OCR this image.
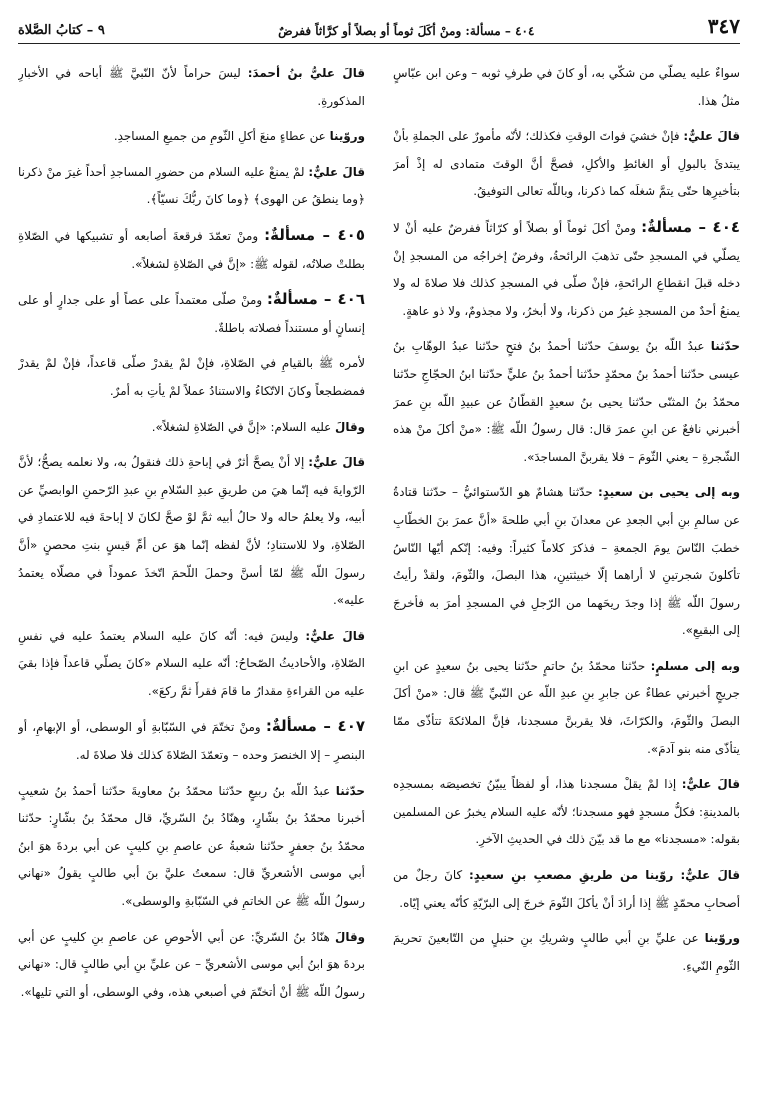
٣٤٧
٤٠٤ – مسألة: ومنْ أكَلَ ثوماً أو بصلاً أو كرَّاثاً ففرضٌ
٩ – كتابُ الصَّلاة

سواءٌ عليه يصلّي من شكّي به، أو كانَ في طرفِ ثوبه – وعن ابن عبّاسٍ مثلُ هذا.

قالَ عليٌّ: فإنْ خشيَ فواتَ الوقتِ فكذلك؛ لأنّه مأمورٌ على الجملةِ بأنْ يبتدئَ بالبولِ أو الغائطِ والأكلِ، فصحَّ أنَّ الوقتَ متمادى له إذْ أمرَ بتأخيرِها حتّى يتمَّ شغلَه كما ذكرنا، وباللّه تعالى التوفيقُ.

٤٠٤ – مسألةٌ: ومنْ أكلَ ثوماً أو بصلاً أو كرّاثاً ففرضٌ عليه أنْ لا يصلّي في المسجدِ حتّى تذهبَ الرائحةُ، وفرضٌ إخراجُه من المسجدِ إنْ دخله قبلَ انقطاعِ الرائحةِ، فإنْ صلّى في المسجدِ كذلك فلا صلاةَ له ولا يمنعُ أحدٌ من المسجدِ غيرُ من ذكرنا، ولا أبخرُ، ولا مجذومٌ، ولا ذو عاهةٍ.

حدّثنا عبدُ اللّه بنُ يوسفَ حدّثنا أحمدُ بنُ فتحٍ حدّثنا عبدُ الوهّابِ بنُ عيسى حدّثنا أحمدُ بنُ محمّدٍ حدّثنا أحمدُ بنُ عليٍّ حدّثنا ابنُ الحجّاجِ حدّثنا محمّدُ بنُ المثنّى حدّثنا يحيى بنُ سعيدٍ القطّانُ عن عبيدِ اللّه بنِ عمرَ أخبرني نافعٌ عن ابنِ عمرَ قال: قال رسولُ اللّه ﷺ: «منْ أكلَ منْ هذه الشّجرةِ – يعني الثّومَ – فلا يقربنَّ المساجدَ».

وبه إلى يحيى بن سعيدٍ: حدّثنا هشامٌ هو الدّستوائيُّ – حدّثنا قتادةُ عن سالمِ بنِ أبي الجعدِ عن معدانَ بنِ أبي طلحةَ «أنَّ عمرَ بنَ الخطّابِ خطبَ النّاسَ يومَ الجمعةِ – فذكرَ كلاماً كثيراً: وفيه: إنّكم أيّها النّاسُ تأكلونَ شجرتينِ لا أراهما إلّا خبيثتينِ، هذا البصلَ، والثّومَ، ولقدْ رأيتُ رسولَ اللّه ﷺ إذا وجدَ ريحَهما من الرّجلِ في المسجدِ أمرَ به فأخرجَ إلى البقيعِ».

وبه إلى مسلمٍ: حدّثنا محمّدُ بنُ حاتمٍ حدّثنا يحيى بنُ سعيدٍ عن ابنِ جريجٍ أخبرني عطاءٌ عن جابرِ بنِ عبدِ اللّه عن النّبيِّ ﷺ قال: «منْ أكلَ البصلَ والثّومَ، والكرّاثَ، فلا يقربنَّ مسجدنا، فإنَّ الملائكةَ تتأذّى ممّا يتأذّى منه بنو آدمَ».

قالَ عليٌّ: إذا لمْ يقلْ مسجدنا هذا، أو لفظاً يبيّنُ تخصيصَه بمسجدِه بالمدينةِ: فكلُّ مسجدٍ فهو مسجدنا؛ لأنّه عليه السلام يخبرُ عن المسلمين بقوله: «مسجدنا» مع ما قد بيّنَ ذلك في الحديثِ الآخرِ.

قالَ عليٌّ: روّينا من طريقِ مصعبِ بنِ سعيدٍ: كانَ رجلٌ من أصحابِ محمّدٍ ﷺ إذا أرادَ أنْ يأكلَ الثّومَ خرجَ إلى البرّيّةِ كأنّه يعني إيّاه.

وروّينا عن عليِّ بنِ أبي طالبٍ وشريكِ بنِ حنبلٍ من التّابعينَ تحريمَ الثّومِ النّيءِ.

قالَ عليُّ بنُ أحمدَ: ليسَ حراماً لأنّ النّبيَّ ﷺ أباحه في الأخبارِ المذكورةِ.

وروّينا عن عطاءٍ منعَ أكلِ الثّومِ من جميعِ المساجدِ.

قالَ عليٌّ: لمْ يمنعْ عليه السلام من حضورِ المساجدِ أحداً غيرَ منْ ذكرنا ﴿وما ينطقُ عن الهوى﴾ ﴿وما كانَ ربُّكَ نسيّاً﴾.

٤٠٥ – مسألةٌ: ومنْ تعمّدَ فرقعةَ أصابعه أو تشبيكها في الصّلاةِ بطلتْ صلاتُه، لقوله ﷺ: «إنَّ في الصّلاةِ لشغلاً».

٤٠٦ – مسألةٌ: ومنْ صلّى معتمداً على عصاً أو على جدارٍ أو على إنسانٍ أو مستنداً فصلاته باطلةٌ.

لأمره ﷺ بالقيامِ في الصّلاةِ، فإنْ لمْ يقدرْ صلّى قاعداً، فإنْ لمْ يقدرْ فمضطجعاً وكانَ الاتّكاءُ والاستنادُ عملاً لمْ يأتِ به أمرٌ.

وقالَ عليه السلام: «إنَّ في الصّلاةِ لشغلاً».

قالَ عليٌّ: إلا أنْ يصحَّ أثرٌ في إباحةِ ذلك فنقولُ به، ولا نعلمه يصحُّ؛ لأنَّ الرّوايةَ فيه إنّما هيَ من طريقِ عبدِ السّلامِ بنِ عبدِ الرّحمنِ الوابصيِّ عن أبيه، ولا يعلمُ حاله ولا حالُ أبيه ثمَّ لوْ صحَّ لكانَ لا إباحةَ فيه للاعتمادِ في الصّلاةِ، ولا للاستنادِ؛ لأنَّ لفظه إنّما هوَ عن أمِّ قيسٍ بنتِ محصنٍ «أنَّ رسولَ اللّه ﷺ لمّا أسنَّ وحملَ اللّحمَ اتّخذَ عموداً في مصلّاه يعتمدُ عليه».

قالَ عليٌّ: وليسَ فيه: أنّه كانَ عليه السلام يعتمدُ عليه في نفسِ الصّلاةِ، والأحاديثُ الصّحاحُ: أنّه عليه السلام «كانَ يصلّي قاعداً فإذا بقيَ عليه من القراءةِ مقدارُ ما قامَ فقرأَ ثمَّ ركعَ».

٤٠٧ – مسألةٌ: ومنْ تختّمَ في السّبّابةِ أو الوسطى، أو الإبهامِ، أو البنصرِ – إلا الخنصرَ وحده – وتعمّدَ الصّلاةَ كذلك فلا صلاةَ له.

حدّثنا عبدُ اللّه بنُ ربيعٍ حدّثنا محمّدُ بنُ معاويةَ حدّثنا أحمدُ بنُ شعيبٍ أخبرنا محمّدُ بنُ بشّارٍ، وهنّادُ بنُ السّريِّ، قال محمّدُ بنُ بشّارٍ: حدّثنا محمّدُ بنُ جعفرٍ حدّثنا شعبةُ عن عاصمِ بنِ كليبٍ عن أبي بردةَ هوَ ابنُ أبي موسى الأشعريِّ قال: سمعتُ عليَّ بنَ أبي طالبٍ يقولُ «نهاني رسولُ اللّه ﷺ عن الخاتمِ في السّبّابةِ والوسطى».

وقالَ هنّادُ بنُ السّريِّ: عن أبي الأحوصِ عن عاصمِ بنِ كليبٍ عن أبي بردةَ هوَ ابنُ أبي موسى الأشعريِّ – عن عليِّ بنِ أبي طالبٍ قال: «نهاني رسولُ اللّه ﷺ أنْ أتختّمَ في أصبعي هذه، وفي الوسطى، أو التي تليها».
